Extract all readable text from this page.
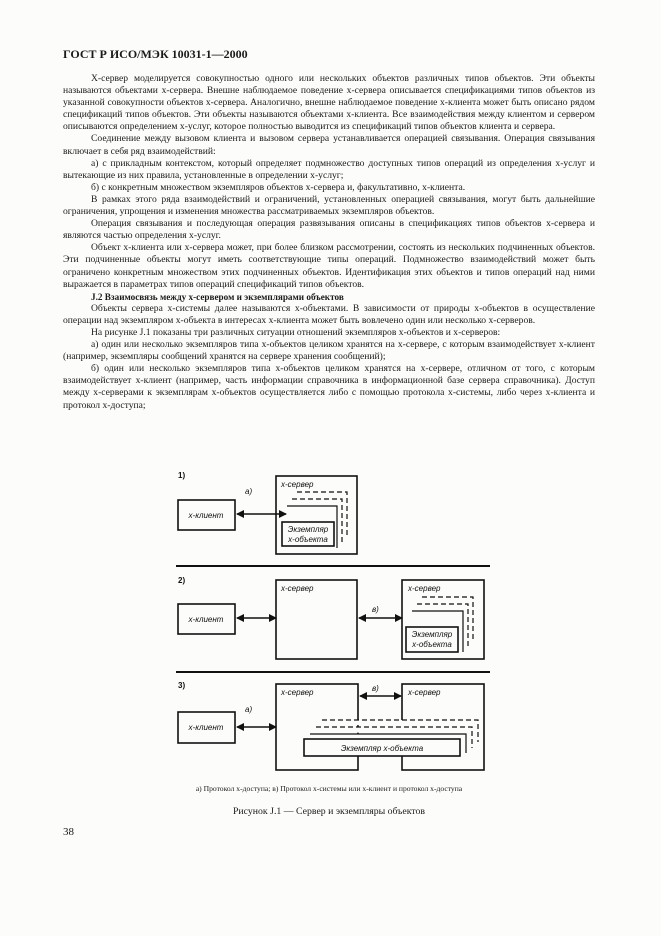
ГОСТ Р ИСО/МЭК 10031-1—2000

X-сервер моделируется совокупностью одного или нескольких объектов различных типов объектов. Эти объекты называются объектами x-сервера. Внешне наблюдаемое поведение x-сервера описывается спецификациями типов объектов из указанной совокупности объектов x-сервера. Аналогично, внешне наблюдаемое поведение x-клиента может быть описано рядом спецификаций типов объектов. Эти объекты называются объектами x-клиента. Все взаимодействия между клиентом и сервером описываются определением x-услуг, которое полностью выводится из спецификаций типов объектов клиента и сервера.

Соединение между вызовом клиента и вызовом сервера устанавливается операцией связывания. Операция связывания включает в себя ряд взаимодействий:

а) с прикладным контекстом, который определяет подмножество доступных типов операций из определения x-услуг и вытекающие из них правила, установленные в определении x-услуг;

б) с конкретным множеством экземпляров объектов x-сервера и, факультативно, x-клиента.

В рамках этого ряда взаимодействий и ограничений, установленных операцией связывания, могут быть дальнейшие ограничения, упрощения и изменения множества рассматриваемых экземпляров объектов.

Операция связывания и последующая операция развязывания описаны в спецификациях типов объектов x-сервера и являются частью определения x-услуг.

Объект x-клиента или x-сервера может, при более близком рассмотрении, состоять из нескольких подчиненных объектов. Эти подчиненные объекты могут иметь соответствующие типы операций. Подмножество взаимодействий может быть ограничено конкретным множеством этих подчиненных объектов. Идентификация этих объектов и типов операций над ними выражается в параметрах типов операций спецификаций типов объектов.

J.2 Взаимосвязь между x-сервером и экземплярами объектов

Объекты сервера x-системы далее называются x-объектами. В зависимости от природы x-объектов в осуществление операции над экземпляром x-объекта в интересах x-клиента может быть вовлечено один или несколько x-серверов.

На рисунке J.1 показаны три различных ситуации отношений экземпляров x-объектов и x-серверов:

а) один или несколько экземпляров типа x-объектов целиком хранятся на x-сервере, с которым взаимодействует x-клиент (например, экземпляры сообщений хранятся на сервере хранения сообщений);

б) один или несколько экземпляров типа x-объектов целиком хранятся на x-сервере, отличном от того, с которым взаимодействует x-клиент (например, часть информации справочника в информационной базе сервера справочника). Доступ между x-серверами к экземплярам x-объектов осуществляется либо с помощью протокола x-системы, либо через x-клиента и протокол x-доступа;

1)
x-клиент
а)
x-сервер
Экземпляр
x-объекта
2)
x-клиент
x-сервер
в)
x-сервер
Экземпляр
x-объекта
3)
x-клиент
а)
x-сервер	в)	x-сервер
Экземпляр x-объекта
а) Протокол x-доступа; в) Протокол x-системы или x-клиент и протокол x-доступа
Рисунок J.1 — Сервер и экземпляры объектов
38
